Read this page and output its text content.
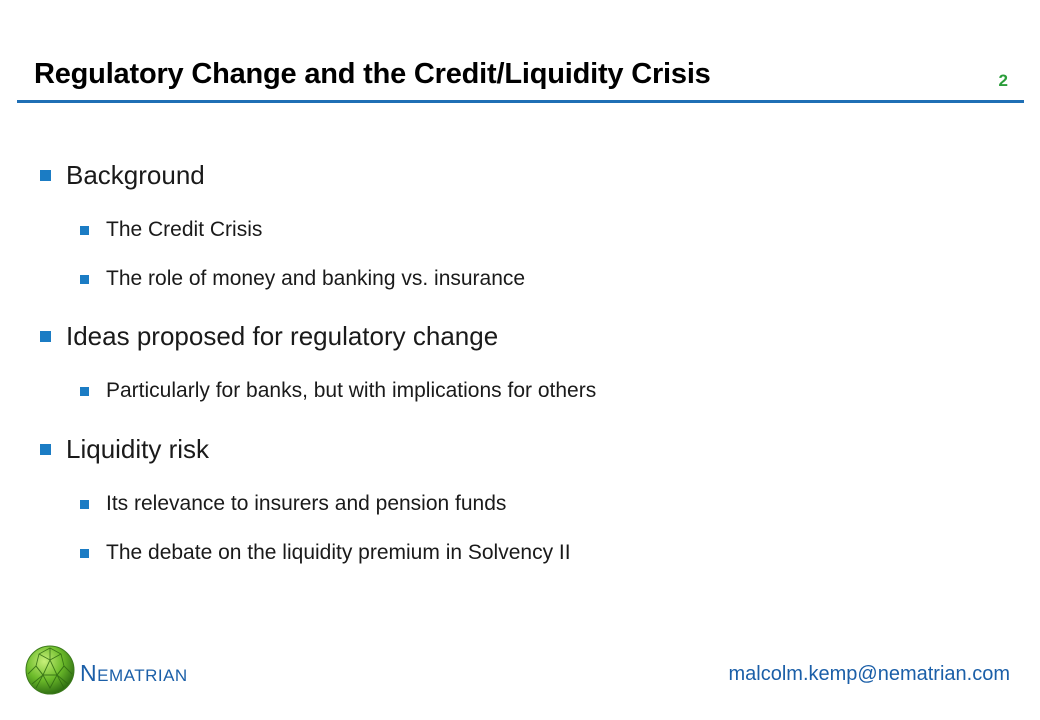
Regulatory Change and the Credit/Liquidity Crisis	2
Background
The Credit Crisis
The role of money and banking vs. insurance
Ideas proposed for regulatory change
Particularly for banks, but with implications for others
Liquidity risk
Its relevance to insurers and pension funds
The debate on the liquidity premium in Solvency II
NEMATRIAN	malcolm.kemp@nematrian.com
